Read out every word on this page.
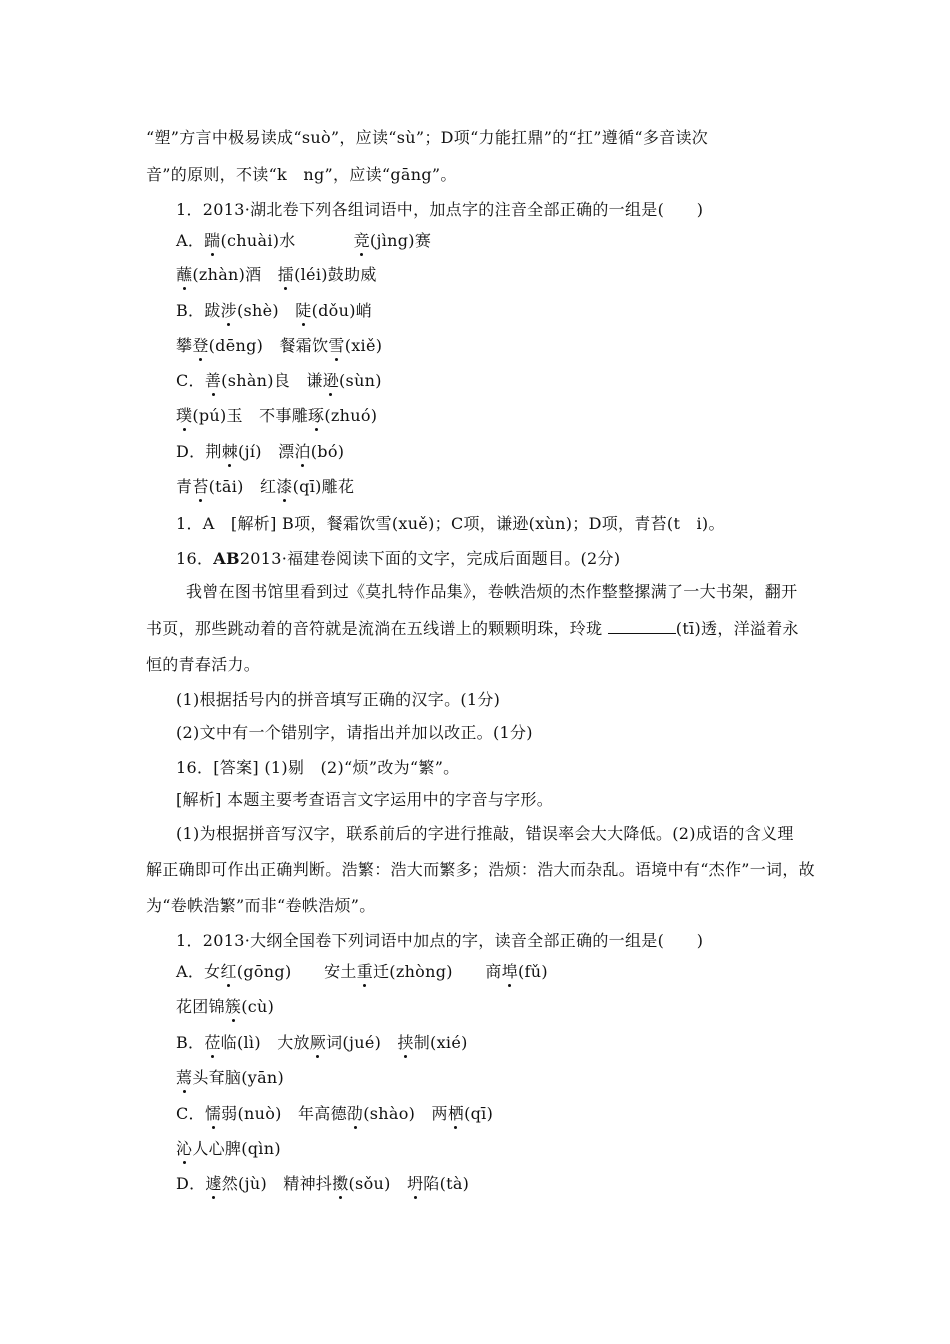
“塑”方言中极易读成“suò”，应读“sù”；D项“力能扛鼎”的“扛”遵循“多音读次
音”的原则，不读“k　ng”，应读“gāng”。
1．2013·湖北卷下列各组词语中，加点字的注音全部正确的一组是(　　)
A．踹(chuài)水	竞(jìng)赛
蘸(zhàn)酒　擂(léi)鼓助威
B．跋涉(shè)　陡(dǒu)峭
攀登(dēng)　餐霜饮雪(xiě)
C．善(shàn)良　谦逊(sùn)
璞(pú)玉　不事雕琢(zhuó)
D．荆棘(jí)　漂泊(bó)
青苔(tāi)　红漆(qī)雕花
1．A　[解析] B项，餐霜饮雪(xuě)；C项，谦逊(xùn)；D项，青苔(t　i)。
16．AB2013·福建卷阅读下面的文字，完成后面题目。(2分)
我曾在图书馆里看到过《莫扎特作品集》，卷帙浩烦的杰作整整摞满了一大书架，翻开
书页，那些跳动着的音符就是流淌在五线谱上的颗颗明珠，玲珑	(tī)透，洋溢着永
恒的青春活力。
(1)根据括号内的拼音填写正确的汉字。(1分)
(2)文中有一个错别字，请指出并加以改正。(1分)
16．[答案] (1)剔　(2)“烦”改为“繁”。
[解析] 本题主要考查语言文字运用中的字音与字形。
(1)为根据拼音写汉字，联系前后的字进行推敲，错误率会大大降低。(2)成语的含义理
解正确即可作出正确判断。浩繁：浩大而繁多；浩烦：浩大而杂乱。语境中有“杰作”一词，故
为“卷帙浩繁”而非“卷帙浩烦”。
1．2013·大纲全国卷下列词语中加点的字，读音全部正确的一组是(　　)
A．女红(gōng)　　安土重迁(zhòng)　　商埠(fǔ)
花团锦簇(cù)
B．莅临(lì)　大放厥词(jué)　挟制(xié)
蔫头耷脑(yān)
C．懦弱(nuò)　年高德劭(shào)　两栖(qī)
沁人心脾(qìn)
D．遽然(jù)　精神抖擞(sǒu)　坍陷(tà)
